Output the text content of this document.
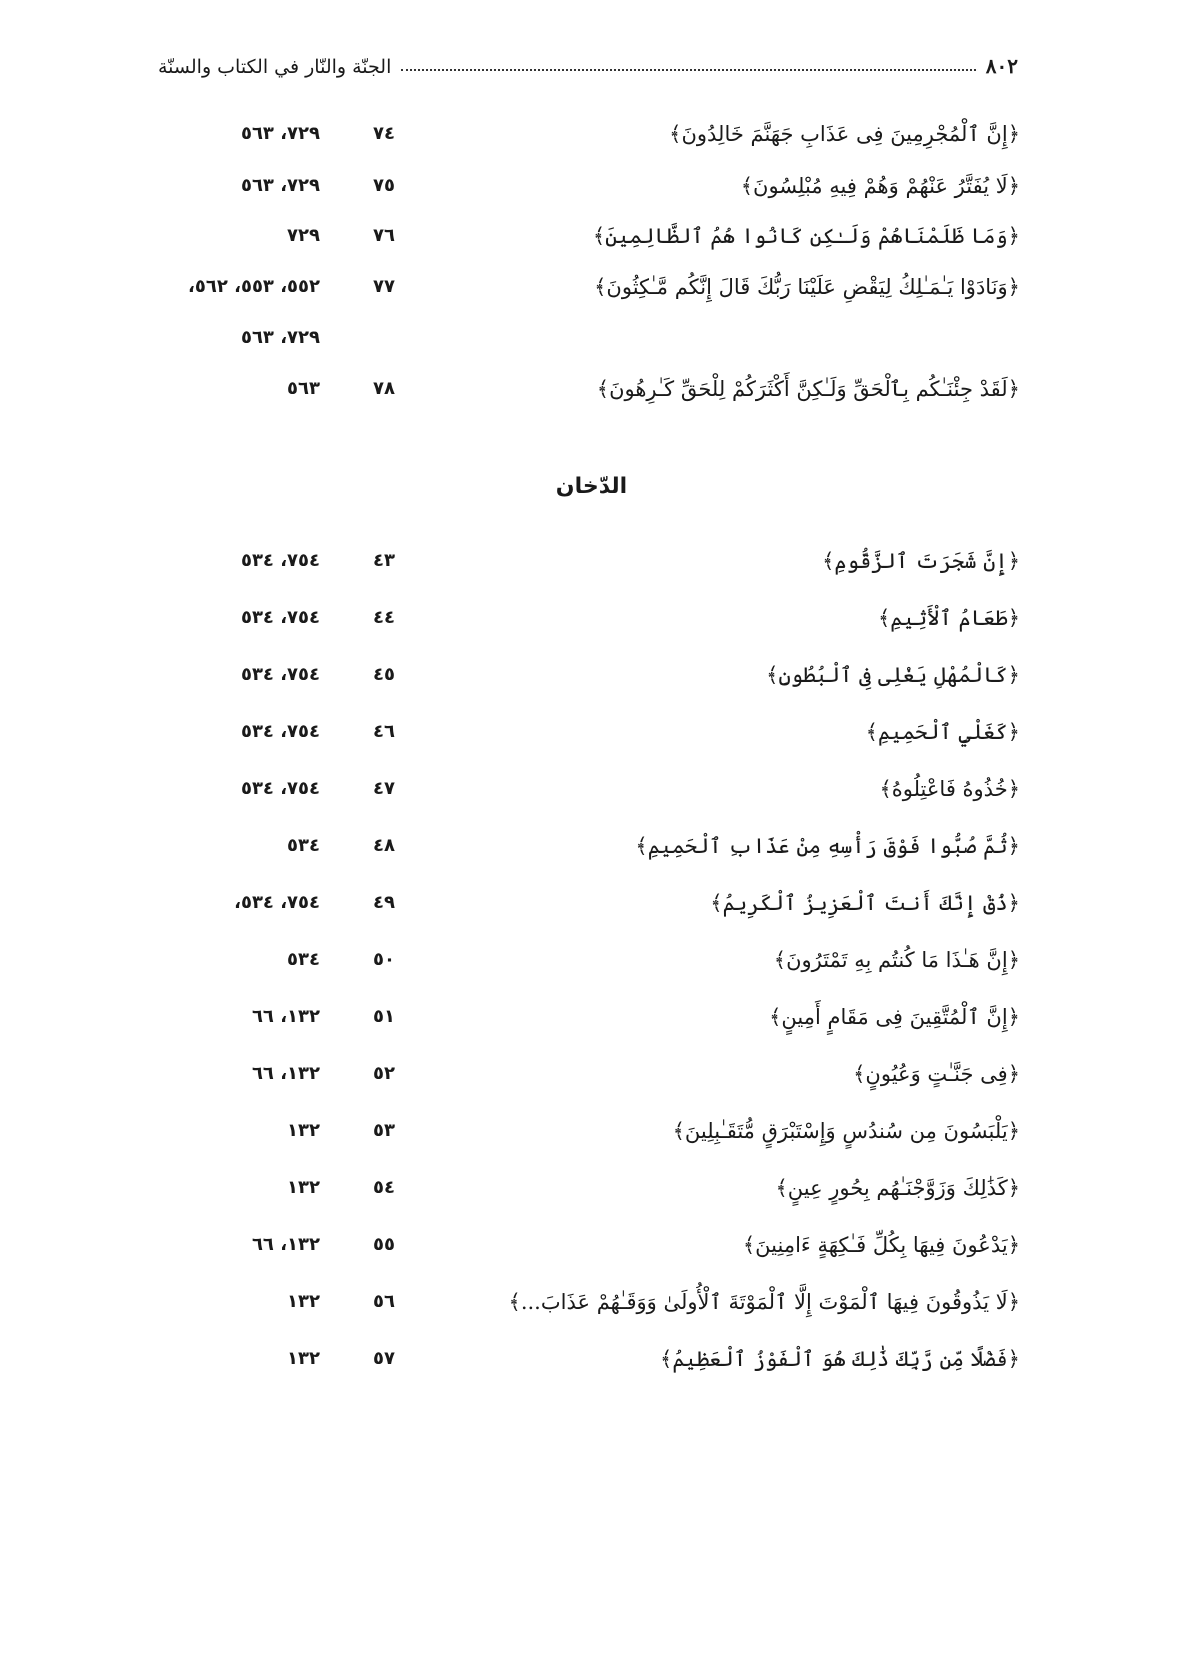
الجنّة والنّار في الكتاب والسنّة	٨٠٢
﴿إِنَّ ٱلْمُجْرِمِينَ فِى عَذَابِ جَهَنَّمَ خَالِدُونَ﴾
٧٤
٧٢٩، ٥٦٣
﴿لَا يُفَتَّرُ عَنْهُمْ وَهُمْ فِيهِ مُبْلِسُونَ﴾
٧٥
٧٢٩، ٥٦٣
﴿وَمَا ظَلَمْنَاهُمْ وَلَـٰكِن كَانُوا هُمُ ٱلظَّالِمِينَ﴾
٧٦
٧٢٩
﴿وَنَادَوْا يَـٰمَـٰلِكُ لِيَقْضِ عَلَيْنَا رَبُّكَ قَالَ إِنَّكُم مَّـٰكِثُونَ﴾
٧٧
٥٥٢، ٥٥٣، ٥٦٢،
٧٢٩، ٥٦٣
﴿لَقَدْ جِئْنَـٰكُم بِٱلْحَقِّ وَلَـٰكِنَّ أَكْثَرَكُمْ لِلْحَقِّ كَـٰرِهُونَ﴾
٧٨
٥٦٣
الدّخان
﴿إِنَّ شَجَرَتَ ٱلزَّقُّومِ﴾
٤٣
٧٥٤، ٥٣٤
﴿طَعَامُ ٱلْأَثِيمِ﴾
٤٤
٧٥٤، ٥٣٤
﴿كَالْمُهْلِ يَغْلِى فِى ٱلْبُطُونِ﴾
٤٥
٧٥٤، ٥٣٤
﴿كَغَلْيِ ٱلْحَمِيمِ﴾
٤٦
٧٥٤، ٥٣٤
﴿خُذُوهُ فَاعْتِلُوهُ﴾
٤٧
٧٥٤، ٥٣٤
﴿ثُمَّ صُبُّوا فَوْقَ رَأْسِهِ مِنْ عَذَابِ ٱلْحَمِيمِ﴾
٤٨
٥٣٤
﴿ذُقْ إِنَّكَ أَنتَ ٱلْعَزِيزُ ٱلْكَرِيمُ﴾
٤٩
٧٥٤، ٥٣٤،
﴿إِنَّ هَـٰذَا مَا كُنتُم بِهِ تَمْتَرُونَ﴾
٥٠
٥٣٤
﴿إِنَّ ٱلْمُتَّقِينَ فِى مَقَامٍ أَمِينٍ﴾
٥١
١٣٢، ٦٦
﴿فِى جَنَّـٰتٍ وَعُيُونٍ﴾
٥٢
١٣٢، ٦٦
﴿يَلْبَسُونَ مِن سُندُسٍ وَإِسْتَبْرَقٍ مُّتَقَـٰبِلِينَ﴾
٥٣
١٣٢
﴿كَذَٰلِكَ وَزَوَّجْنَـٰهُم بِحُورٍ عِينٍ﴾
٥٤
١٣٢
﴿يَدْعُونَ فِيهَا بِكُلِّ فَـٰكِهَةٍ ءَامِنِينَ﴾
٥٥
١٣٢، ٦٦
﴿لَا يَذُوقُونَ فِيهَا ٱلْمَوْتَ إِلَّا ٱلْمَوْتَةَ ٱلْأُولَىٰ وَوَقَـٰهُمْ عَذَابَ...﴾
٥٦
١٣٢
﴿فَضْلًا مِّن رَّبِّكَ ذَٰلِكَ هُوَ ٱلْفَوْزُ ٱلْعَظِيمُ﴾
٥٧
١٣٢
